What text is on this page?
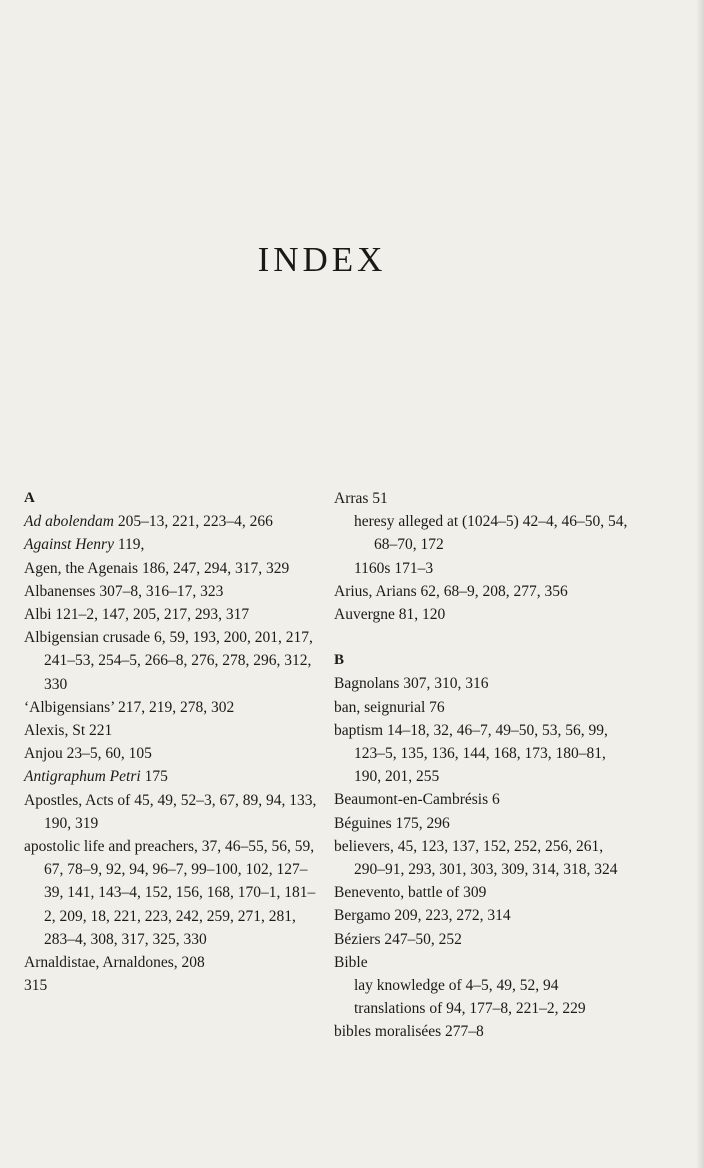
INDEX
A
Ad abolendam 205–13, 221, 223–4, 266
Against Henry 119,
Agen, the Agenais 186, 247, 294, 317, 329
Albanenses 307–8, 316–17, 323
Albi 121–2, 147, 205, 217, 293, 317
Albigensian crusade 6, 59, 193, 200, 201, 217, 241–53, 254–5, 266–8, 276, 278, 296, 312, 330
‘Albigensians’ 217, 219, 278, 302
Alexis, St 221
Anjou 23–5, 60, 105
Antigraphum Petri 175
Apostles, Acts of 45, 49, 52–3, 67, 89, 94, 133, 190, 319
apostolic life and preachers, 37, 46–55, 56, 59, 67, 78–9, 92, 94, 96–7, 99–100, 102, 127–39, 141, 143–4, 152, 156, 168, 170–1, 181–2, 209, 18, 221, 223, 242, 259, 271, 281, 283–4, 308, 317, 325, 330
Arnaldistae, Arnaldones, 208
315
Arras 51
heresy alleged at (1024–5) 42–4, 46–50, 54, 68–70, 172
1160s 171–3
Arius, Arians 62, 68–9, 208, 277, 356
Auvergne 81, 120
B
Bagnolans 307, 310, 316
ban, seignurial 76
baptism 14–18, 32, 46–7, 49–50, 53, 56, 99, 123–5, 135, 136, 144, 168, 173, 180–81, 190, 201, 255
Beaumont-en-Cambrésis 6
Béguines 175, 296
believers, 45, 123, 137, 152, 252, 256, 261, 290–91, 293, 301, 303, 309, 314, 318, 324
Benevento, battle of 309
Bergamo 209, 223, 272, 314
Béziers 247–50, 252
Bible
lay knowledge of 4–5, 49, 52, 94
translations of 94, 177–8, 221–2, 229
bibles moralisées 277–8
